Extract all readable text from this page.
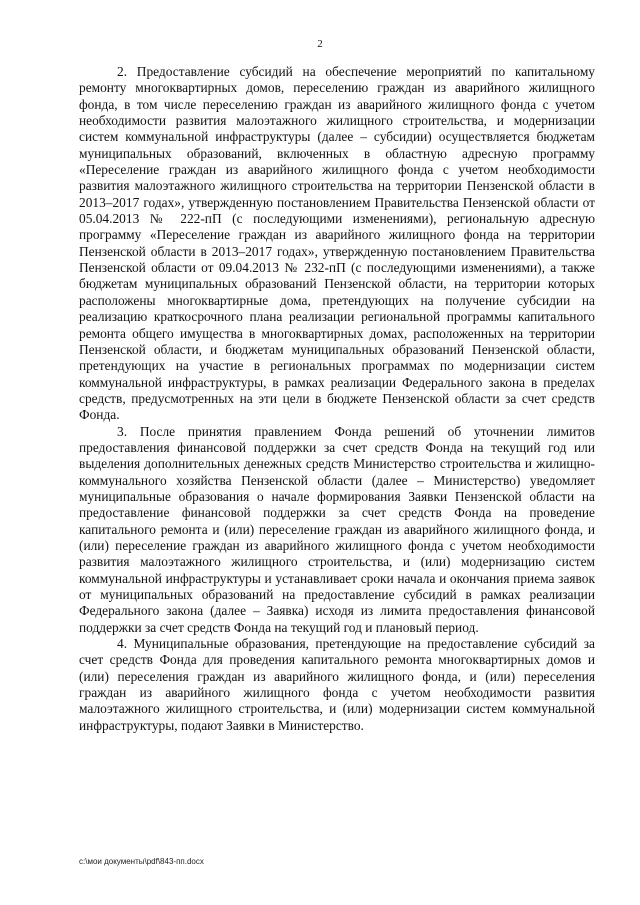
2

2. Предоставление субсидий на обеспечение мероприятий по капитальному ремонту многоквартирных домов, переселению граждан из аварийного жилищного фонда, в том числе переселению граждан из аварийного жилищного фонда с учетом необходимости развития малоэтажного жилищного строительства, и модернизации систем коммунальной инфраструктуры (далее – субсидии) осуществляется бюджетам муниципальных образований, включенных в областную адресную программу «Переселение граждан из аварийного жилищного фонда с учетом необходимости развития малоэтажного жилищного строительства на территории Пензенской области в 2013–2017 годах», утвержденную постановлением Правительства Пензенской области от 05.04.2013 № 222-пП (с последующими изменениями), региональную адресную программу «Переселение граждан из аварийного жилищного фонда на территории Пензенской области в 2013–2017 годах», утвержденную постановлением Правительства Пензенской области от 09.04.2013 № 232-пП (с последующими изменениями), а также бюджетам муниципальных образований Пензенской области, на территории которых расположены многоквартирные дома, претендующих на получение субсидии на реализацию краткосрочного плана реализации региональной программы капитального ремонта общего имущества в многоквартирных домах, расположенных на территории Пензенской области, и бюджетам муниципальных образований Пензенской области, претендующих на участие в региональных программах по модернизации систем коммунальной инфраструктуры, в рамках реализации Федерального закона в пределах средств, предусмотренных на эти цели в бюджете Пензенской области за счет средств Фонда.

3. После принятия правлением Фонда решений об уточнении лимитов предоставления финансовой поддержки за счет средств Фонда на текущий год или выделения дополнительных денежных средств Министерство строительства и жилищно-коммунального хозяйства Пензенской области (далее – Министерство) уведомляет муниципальные образования о начале формирования Заявки Пензенской области на предоставление финансовой поддержки за счет средств Фонда на проведение капитального ремонта и (или) переселение граждан из аварийного жилищного фонда, и (или) переселение граждан из аварийного жилищного фонда с учетом необходимости развития малоэтажного жилищного строительства, и (или) модернизацию систем коммунальной инфраструктуры и устанавливает сроки начала и окончания приема заявок от муниципальных образований на предоставление субсидий в рамках реализации Федерального закона (далее – Заявка) исходя из лимита предоставления финансовой поддержки за счет средств Фонда на текущий год и плановый период.

4. Муниципальные образования, претендующие на предоставление субсидий за счет средств Фонда для проведения капитального ремонта многоквартирных домов и (или) переселения граждан из аварийного жилищного фонда, и (или) переселения граждан из аварийного жилищного фонда с учетом необходимости развития малоэтажного жилищного строительства, и (или) модернизации систем коммунальной инфраструктуры, подают Заявки в Министерство.

c:\мои документы\pdf\843-пп.docx
